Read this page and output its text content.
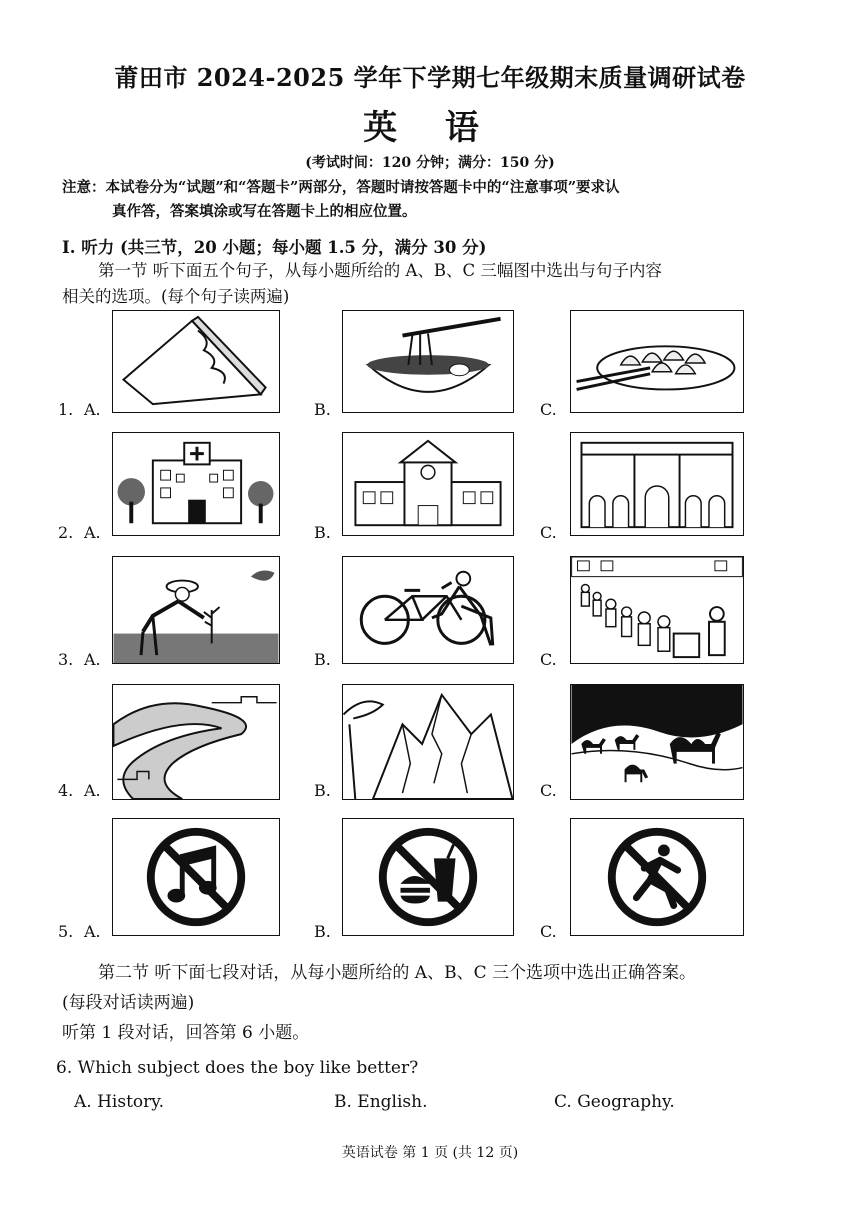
莆田市 2024-2025 学年下学期七年级期末质量调研试卷
英 语
(考试时间：120 分钟；满分：150 分)
注意：本试卷分为“试题”和“答题卡”两部分，答题时请按答题卡中的“注意事项”要求认
真作答，答案填涂或写在答题卡上的相应位置。
I. 听力 (共三节，20 小题；每小题 1.5 分，满分 30 分)
第一节 听下面五个句子，从每小题所给的 A、B、C 三幅图中选出与句子内容
相关的选项。(每个句子读两遍)
1. A.	B.	C.
2. A.	B.	C.
3. A.	B.	C.
4. A.	B.	C.
5. A.	B.	C.
第二节 听下面七段对话，从每小题所给的 A、B、C 三个选项中选出正确答案。
(每段对话读两遍)
听第 1 段对话，回答第 6 小题。
6. Which subject does the boy like better?
A. History.	B. English.	C. Geography.
英语试卷 第 1 页 (共 12 页)
